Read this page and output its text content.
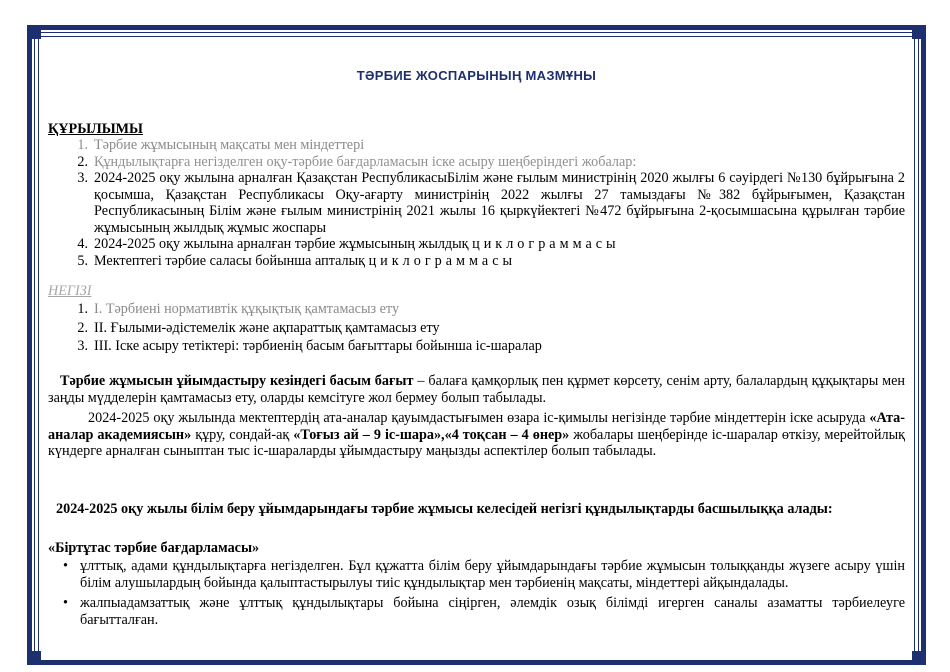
ТӘРБИЕ ЖОСПАРЫНЫҢ МАЗМҰНЫ
ҚҰРЫЛЫМЫ
1. Тәрбие жұмысының мақсаты мен міндеттері
2. Құндылықтарға негізделген оқу-тәрбие бағдарламасын іске асыру шеңберіндегі жобалар:
3. 2024-2025 оқу жылына арналған Қазақстан РеспубликасыБілім және ғылым министрінің 2020 жылғы 6 сәуірдегі №130 бұйрығына 2 қосымша, Қазақстан Республикасы Оқу-ағарту министрінің 2022 жылғы 27 тамыздағы №382 бұйрығымен, Қазақстан Республикасының Білім және ғылым министрінің 2021 жылы 16 қыркүйектегі №472 бұйрығына 2-қосымшасына құрылған тәрбие жұмысының жылдық жұмыс жоспары
4. 2024-2025 оқу жылына арналған тәрбие жұмысының жылдық циклограммасы
5. Мектептегі тәрбие саласы бойынша апталық циклограммасы
НЕГІЗІ
1. I. Тәрбиені нормативтік құқықтық қамтамасыз ету
2. II. Ғылыми-әдістемелік және ақпараттық қамтамасыз ету
3. III. Іске асыру тетіктері: тәрбиенің басым бағыттары бойынша іс-шаралар
Тәрбие жұмысын ұйымдастыру кезіндегі басым бағыт – балаға қамқорлық пен құрмет көрсету, сенім арту, балалардың құқықтары мен заңды мүдделерін қамтамасыз ету, оларды кемсітуге жол бермеу болып табылады.
2024-2025 оқу жылында мектептердің ата-аналар қауымдастығымен өзара іс-қимылы негізінде тәрбие міндеттерін іске асыруда «Ата-аналар академиясын» құру, сондай-ақ «Тоғыз ай – 9 іс-шара»,«4 тоқсан – 4 өнер» жобалары шеңберінде іс-шаралар өткізу, мерейтойлық күндерге арналған сыныптан тыс іс-шараларды ұйымдастыру маңызды аспектілер болып табылады.
2024-2025 оқу жылы білім беру ұйымдарындағы тәрбие жұмысы келесідей негізгі құндылықтарды басшылыққа алады:
«Біртұтас тәрбие бағдарламасы»
• ұлттық, адами құндылықтарға негізделген. Бұл құжатта білім беру ұйымдарындағы тәрбие жұмысын толыққанды жүзеге асыру үшін білім алушылардың бойында қалыптастырылуы тиіс құндылықтар мен тәрбиенің мақсаты, міндеттері айқындалады.
• жалпыадамзаттық және ұлттық құндылықтары бойына сіңірген, әлемдік озық білімді игерген саналы азаматты тәрбиелеуге бағытталған.
